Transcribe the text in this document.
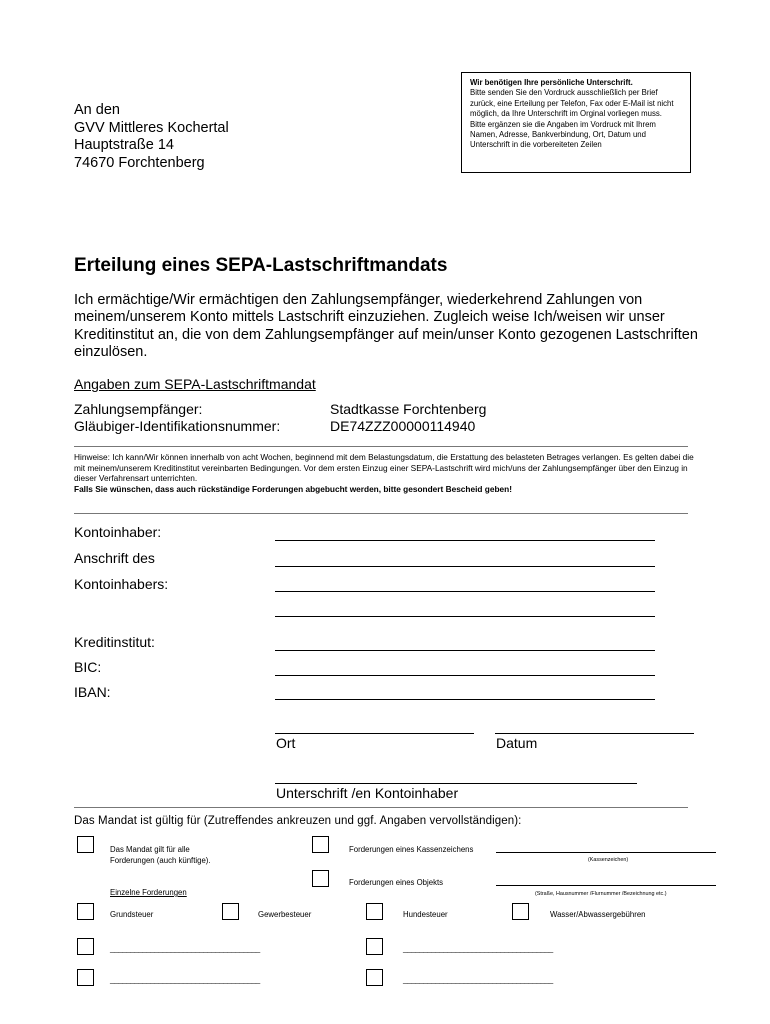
An den
GVV Mittleres Kochertal
Hauptstraße 14
74670 Forchtenberg
Wir benötigen Ihre persönliche Unterschrift.
Bitte senden Sie den Vordruck ausschließlich per Brief zurück, eine Erteilung per Telefon, Fax oder E-Mail ist nicht möglich, da Ihre Unterschrift im Orginal vorliegen muss.
Bitte ergänzen sie die Angaben im Vordruck mit Ihrem Namen, Adresse, Bankverbindung, Ort, Datum und Unterschrift in die vorbereiteten Zeilen
Erteilung eines SEPA-Lastschriftmandats
Ich ermächtige/Wir ermächtigen den Zahlungsempfänger, wiederkehrend Zahlungen von meinem/unserem Konto mittels Lastschrift einzuziehen. Zugleich weise Ich/weisen wir unser Kreditinstitut an, die von dem Zahlungsempfänger auf mein/unser Konto gezogenen Lastschriften einzulösen.
Angaben zum SEPA-Lastschriftmandat
Zahlungsempfänger:	Stadtkasse Forchtenberg
Gläubiger-Identifikationsnummer:	DE74ZZZ00000114940
Hinweise: Ich kann/Wir können innerhalb von acht Wochen, beginnend mit dem Belastungsdatum, die Erstattung des belasteten Betrages verlangen. Es gelten dabei die mit meinem/unserem Kreditinstitut vereinbarten Bedingungen. Vor dem ersten Einzug einer SEPA-Lastschrift wird mich/uns der Zahlungsempfänger über den Einzug in dieser Verfahrensart unterrichten.
Falls Sie wünschen, dass auch rückständige Forderungen abgebucht werden, bitte gesondert Bescheid geben!
Kontoinhaber:
Anschrift des
Kontoinhabers:
Kreditinstitut:
BIC:
IBAN:
Ort	Datum
Unterschrift /en Kontoinhaber
Das Mandat ist gültig für (Zutreffendes ankreuzen und ggf. Angaben vervollständigen):
Das Mandat gilt für alle
Forderungen (auch künftige).
Forderungen eines Kassenzeichens
(Kassenzeichen)
Forderungen eines Objekts
(Straße, Hausnummer /Flurnummer /Bezeichnung etc.)
Einzelne Forderungen
Grundsteuer	Gewerbesteuer	Hundesteuer	Wasser/Abwassergebühren
_____________________________________	_____________________________________
_____________________________________	_____________________________________
